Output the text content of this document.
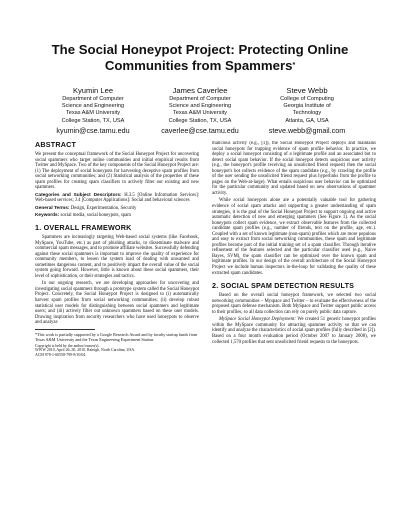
The Social Honeypot Project: Protecting Online
Communities from Spammers*
Kyumin Lee
Department of Computer
Science and Engineering
Texas A&M University
College Station, TX, USA
kyumin@cse.tamu.edu
James Caverlee
Department of Computer
Science and Engineering
Texas A&M University
College Station, TX, USA
caverlee@cse.tamu.edu
Steve Webb
College of Computing
Georgia Institute of
Technology
Atlanta, GA, USA
steve.webb@gmail.com
ABSTRACT

We present the conceptual framework of the Social Honeypot Project for uncovering social spammers who target online communities and initial empirical results from Twitter and MySpace. Two of the key components of the Social Honeypot Project are: (1) The deployment of social honeypots for harvesting deceptive spam profiles from social networking communities; and (2) Statistical analysis of the properties of these spam profiles for creating spam classifiers to actively filter out existing and new spammers.

Categories and Subject Descriptors: H.3.5 [Online Information Services]: Web-based services; J.4 [Computer Applications]: Social and behavioral sciences

General Terms: Design, Experimentation, Security

Keywords: social media, social honeypots, spam

1. OVERALL FRAMEWORK

Spammers are increasingly targeting Web-based social systems (like Facebook, MySpace, YouTube, etc.) as part of phishing attacks, to disseminate malware and commercial spam messages, and to promote affiliate websites. Successfully defending against these social spammers is important to improve the quality of experience for community members, to lessen the system load of dealing with unwanted and sometimes dangerous content, and to positively impact the overall value of the social system going forward. However, little is known about these social spammers, their level of sophistication, or their strategies and tactics.

In our ongoing research, we are developing approaches for uncovering and investigating social spammers through a prototype system called the Social Honeypot Project. Concretely, the Social Honeypot Project is designed to (i) automatically harvest spam profiles from social networking communities; (ii) develop robust statistical user models for distinguishing between social spammers and legitimate users; and (iii) actively filter out unknown spammers based on these user models. Drawing inspiration from security researchers who have used honeypots to observe and analyze

*This work is partially supported by a Google Research Award and by faculty startup funds from Texas A&M University and the Texas Engineering Experiment Station.

Copyright is held by the author/owner(s).

WWW 2010, April 26–30, 2010, Raleigh, North Carolina, USA.

ACM 978-1-60558-799-8/10/04.

malicious activity (e.g., [1]), the Social Honeypot Project deploys and maintains social honeypots for trapping evidence of spam profile behavior. In practice, we deploy a social honeypot consisting of a legitimate profile and an associated bot to detect social spam behavior. If the social honeypot detects suspicious user activity (e.g., the honeypot's profile receiving an unsolicited friend request) then the social honeypot's bot collects evidence of the spam candidate (e.g., by crawling the profile of the user sending the unsolicited friend request plus hyperlinks from the profile to pages on the Web-at-large). What entails suspicious user behavior can be optimized for the particular community and updated based on new observations of spammer activity.

While social honeypots alone are a potentially valuable tool for gathering evidence of social spam attacks and supporting a greater understanding of spam strategies, it is the goal of the Social Honeypot Project to support ongoing and active automatic detection of new and emerging spammers (See Figure 1). As the social honeypots collect spam evidence, we extract observable features from the collected candidate spam profiles (e.g., number of friends, text on the profile, age, etc.). Coupled with a set of known legitimate (non-spam) profiles which are more populous and easy to extract from social networking communities, these spam and legitimate profiles become part of the initial training set of a spam classifier. Through iterative refinement of the features selected and the particular classifier used (e.g., Naive Bayes, SVM), the spam classifier can be optimized over the known spam and legitimate profiles. In our design of the overall architecture of the Social Honeypot Project we include human inspectors in-the-loop for validating the quality of these extracted spam candidates.

2. SOCIAL SPAM DETECTION RESULTS

Based on the overall social honeypot framework, we selected two social networking communities – Myspace and Twitter – to evaluate the effectiveness of the proposed spam defense mechanism. Both MySpace and Twitter support public access to their profiles, so all data collection can rely on purely public data capture.

MySpace Social Honeypot Deployment: We created 51 generic honeypot profiles within the MySpace community for attracting spammer activity so that we can identify and analyze the characteristics of social spam profiles (fully described in [2]). Based on a four month evaluation period (October 2007 to January 2008), we collected 1,570 profiles that sent unsolicited friend requests to the honeypots.
